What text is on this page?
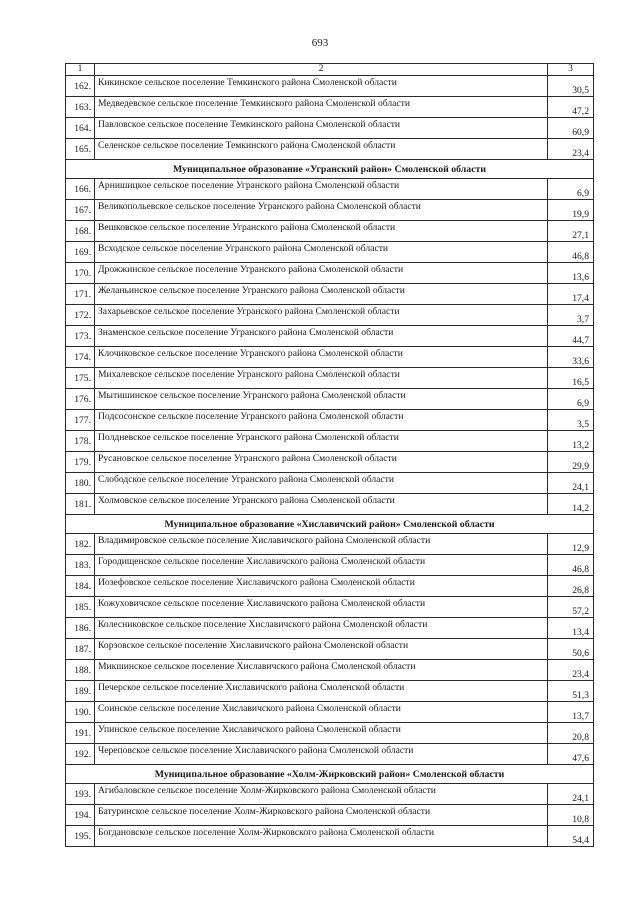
693
1	2	3
162.	Кикинское сельское поселение Темкинского района Смоленской области	30,5
163.	Медведевское сельское поселение Темкинского района Смоленской области	47,2
164.	Павловское сельское поселение Темкинского района Смоленской области	60,9
165.	Селенское сельское поселение Темкинского района Смоленской области	23,4
Муниципальное образование «Угранский район» Смоленской области		
166.	Арнишицкое сельское поселение Угранского района Смоленской области	6,9
167.	Великопольевское сельское поселение Угранского района Смоленской области	19,9
168.	Вешковское сельское поселение Угранского района Смоленской области	27,1
169.	Всходское сельское поселение Угранского района Смоленской области	46,8
170.	Дрожжинское сельское поселение Угранского района Смоленской области	13,6
171.	Желаньинское сельское поселение Угранского района Смоленской области	17,4
172.	Захарьевское сельское поселение Угранского района Смоленской области	3,7
173.	Знаменское сельское поселение Угранского района Смоленской области	44,7
174.	Клочиковское сельское поселение Угранского района Смоленской области	33,6
175.	Михалевское сельское поселение Угранского района Смоленской области	16,5
176.	Мытишинское сельское поселение Угранского района Смоленской области	6,9
177.	Подсосонское сельское поселение Угранского района Смоленской области	3,5
178.	Полдневское сельское поселение Угранского района Смоленской области	13,2
179.	Русановское сельское поселение Угранского района Смоленской области	29,9
180.	Слободское сельское поселение Угранского района Смоленской области	24,1
181.	Холмовское сельское поселение Угранского района Смоленской области	14,2
Муниципальное образование «Хиславичский район» Смоленской области		
182.	Владимировское сельское поселение Хиславичского района Смоленской области	12,9
183.	Городищенское сельское поселение Хиславичского района Смоленской области	46,8
184.	Иозефовское сельское поселение Хиславичского района Смоленской области	26,8
185.	Кожуховичское сельское поселение Хиславичского района Смоленской области	57,2
186.	Колесниковское сельское поселение Хиславичского района Смоленской области	13,4
187.	Корзовское сельское поселение Хиславичского района Смоленской области	50,6
188.	Микшинское сельское поселение Хиславичского района Смоленской области	23,4
189.	Печерское сельское поселение Хиславичского района Смоленской области	51,3
190.	Соинское сельское поселение Хиславичского района Смоленской области	13,7
191.	Упинское сельское поселение Хиславичского района Смоленской области	20,8
192.	Череповское сельское поселение Хиславичского района Смоленской области	47,6
Муниципальное образование «Холм-Жирковский район» Смоленской области		
193.	Агибаловское сельское поселение Холм-Жирковского района Смоленской области	24,1
194.	Батуринское сельское поселение Холм-Жирковского района Смоленской области	10,8
195.	Богдановское сельское поселение Холм-Жирковского района Смоленской области	54,4
